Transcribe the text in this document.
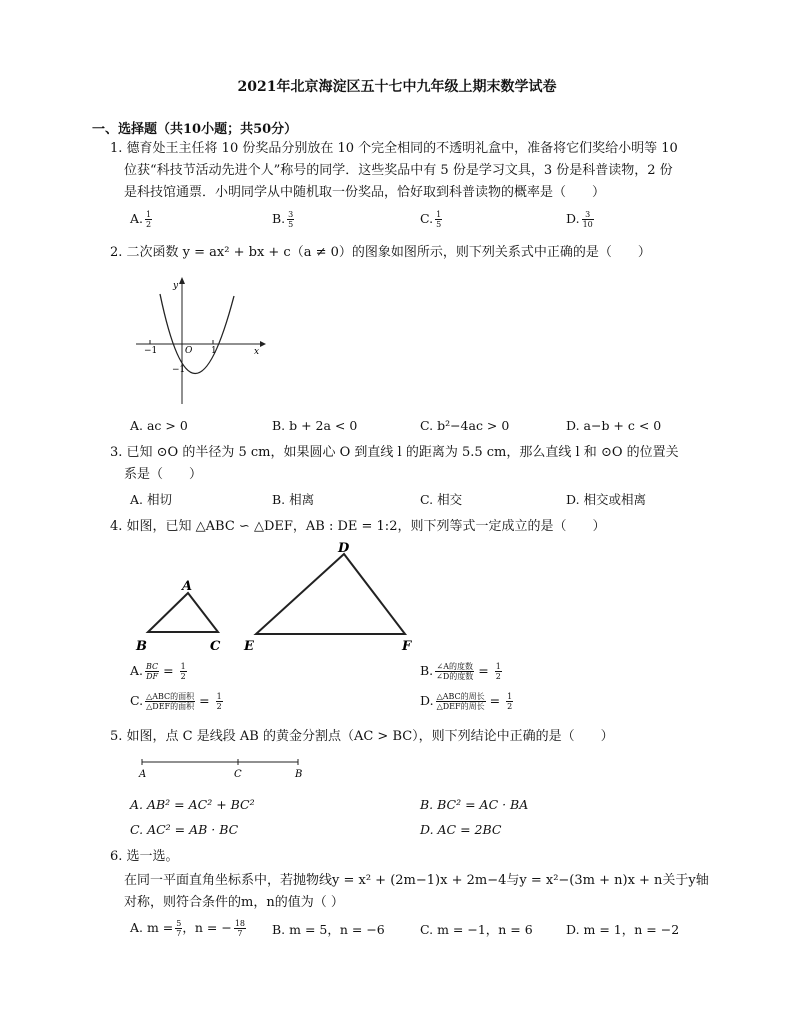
2021年北京海淀区五十七中九年级上期末数学试卷
一、选择题（共10小题；共50分）
1. 德育处王主任将 10 份奖品分别放在 10 个完全相同的不透明礼盒中，准备将它们奖给小明等 10
位获“科技节活动先进个人”称号的同学．这些奖品中有 5 份是学习文具，3 份是科普读物，2 份
是科技馆通票．小明同学从中随机取一份奖品，恰好取到科普读物的概率是（　　）
A. $\frac{1}{2}$	B. $\frac{3}{5}$	C. $\frac{1}{5}$	D. $\frac{3}{10}$
2. 二次函数 y = ax² + bx + c（a ≠ 0）的图象如图所示，则下列关系式中正确的是（　　）
y
x
O
−1	1
−1
A. ac > 0	B. b + 2a < 0	C. b²−4ac > 0	D. a−b + c < 0
3. 已知 ⊙O 的半径为 5 cm，如果圆心 O 到直线 l 的距离为 5.5 cm，那么直线 l 和 ⊙O 的位置关
系是（　　）
A. 相切	B. 相离	C. 相交	D. 相交或相离
4. 如图，已知 △ABC ∽ △DEF，AB : DE = 1:2，则下列等式一定成立的是（　　）
A
B	C
D
E	F
A. $\frac{BC}{DF} = \frac{1}{2}$	B. $\frac{\text{∠A的度数}}{\text{∠D的度数}} = \frac{1}{2}$
C. $\frac{\text{△ABC的面积}}{\text{△DEF的面积}} = \frac{1}{2}$	D. $\frac{\text{△ABC的周长}}{\text{△DEF的周长}} = \frac{1}{2}$
5. 如图，点 C 是线段 AB 的黄金分割点（AC > BC），则下列结论中正确的是（　　）
A	C	B
A. AB² = AC² + BC²	B. BC² = AC · BA
C. AC² = AB · BC	D. AC = 2BC
6. 选一选。
在同一平面直角坐标系中，若抛物线y = x² + (2m−1)x + 2m−4与y = x²−(3m + n)x + n关于y轴
对称，则符合条件的m，n的值为（ ）
A. $m = \frac{5}{7}$ ，n = − $\frac{18}{7} B$. m = 5，n = −6	C. m = −1，n = 6	D. m = 1，n = −2
